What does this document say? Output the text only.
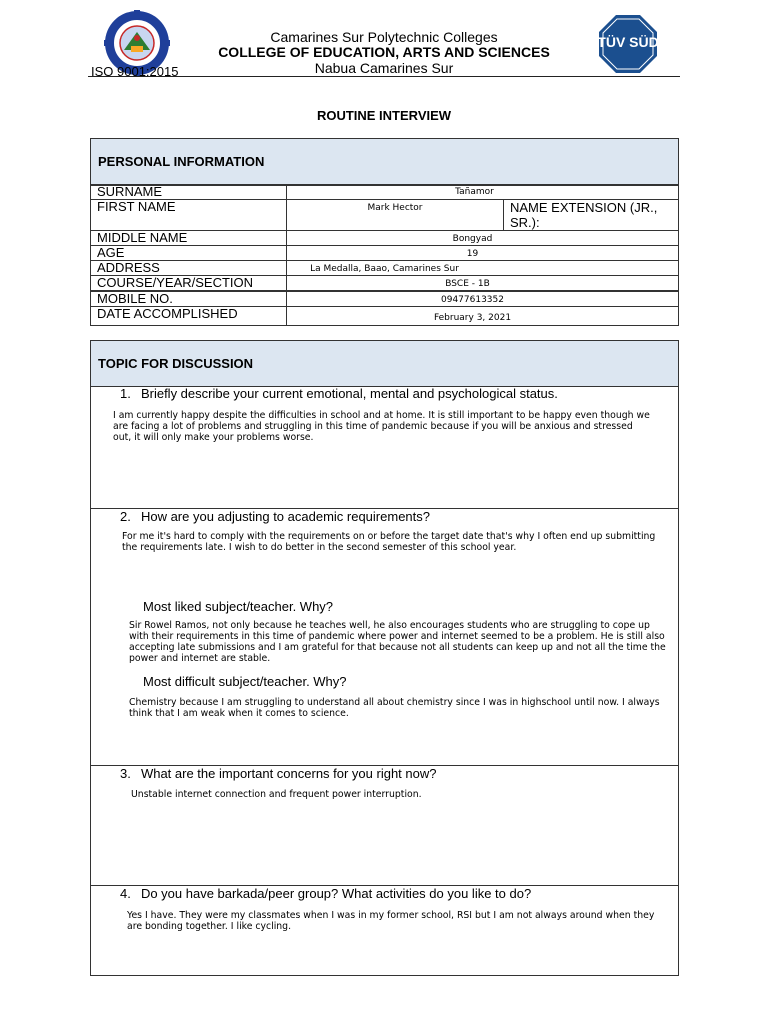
Camarines Sur Polytechnic Colleges
COLLEGE OF EDUCATION, ARTS AND SCIENCES
Nabua Camarines Sur
ISO 9001:2015
TÜV SÜD
ROUTINE INTERVIEW
PERSONAL INFORMATION
SURNAME	Tañamor
FIRST NAME	Mark Hector	NAME EXTENSION (JR., SR.):
MIDDLE NAME	Bongyad
AGE	19
ADDRESS	La Medalla, Baao, Camarines Sur
COURSE/YEAR/SECTION	BSCE - 1B
MOBILE NO.	09477613352
DATE ACCOMPLISHED	February 3, 2021
TOPIC FOR DISCUSSION
1.  Briefly describe your current emotional, mental and psychological status.
I am currently happy despite the difficulties in school and at home. It is still important to be happy even though we are facing a lot of problems and struggling in this time of pandemic because if you will be anxious and stressed out, it will only make your problems worse.
2.  How are you adjusting to academic requirements?
For me it's hard to comply with the requirements on or before the target date that's why I often end up submitting the requirements late. I wish to do better in the second semester of this school year.
Most liked subject/teacher. Why?
Sir Rowel Ramos, not only because he teaches well, he also encourages students who are struggling to cope up with their requirements in this time of pandemic where power and internet seemed to be a problem. He is still also accepting late submissions and I am grateful for that because not all students can keep up and not all the time the power and internet are stable.
Most difficult subject/teacher. Why?
Chemistry because I am struggling to understand all about chemistry since I was in highschool until now. I always think that I am weak when it comes to science.
3.  What are the important concerns for you right now?
Unstable internet connection and frequent power interruption.
4.  Do you have barkada/peer group? What activities do you like to do?
Yes I have. They were my classmates when I was in my former school, RSI but I am not always around when they are bonding together. I like cycling.
